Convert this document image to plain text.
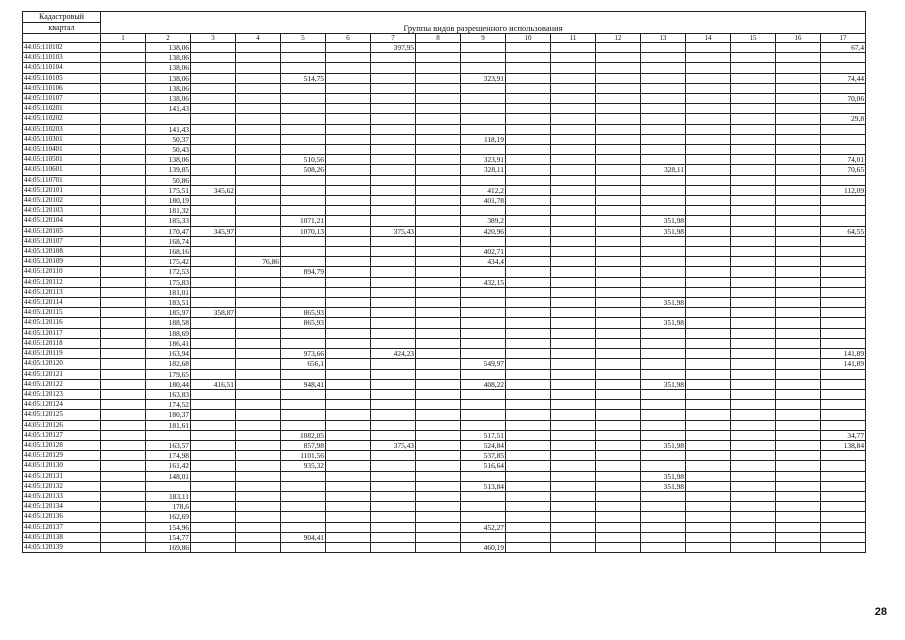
Кадастровый	Группы видов разрешенного использования																
квартал																	
	1	2	3	4	5	6	7	8	9	10	11	12	13	14	15	16	17
44:05:110102		138,06					397,95										67,4
44:05:110103		138,06															
44:05:110104		138,06															
44:05:110105		138,06			514,75				323,91								74,44
44:05:110106		138,06															
44:05:110107		138,06															70,06
44:05:110201		141,43															
44:05:110202																	29,8
44:05:110203		141,43															
44:05:110301		50,37							118,19								
44:05:110401		50,43															
44:05:110501		138,06			510,56				323,91								74,01
44:05:110601		139,85			508,26				328,11				328,11				70,65
44:05:110701		50,86															
44:05:120101		175,51	345,62						412,2								112,09
44:05:120102		180,19							401,78								
44:05:120103		181,32															
44:05:120104		185,33			1071,21				389,2				351,98				
44:05:120105		170,47	345,97		1070,13		375,43		420,96				351,98				64,55
44:05:120107		168,74															
44:05:120108		168,16							402,71								
44:05:120109		175,42		76,86					434,4								
44:05:120110		172,53			894,79												
44:05:120112		175,83							432,15								
44:05:120113		181,01															
44:05:120114		183,51											351,98				
44:05:120115		185,97	358,87		865,93												
44:05:120116		188,58			865,93								351,98				
44:05:120117		188,69															
44:05:120118		186,41															
44:05:120119		163,94			973,66		424,23										141,89
44:05:120120		182,68			656,1				549,97								141,89
44:05:120121		179,65															
44:05:120122		180,44	416,51		948,41				408,22				351,98				
44:05:120123		163,83															
44:05:120124		174,52															
44:05:120125		180,37															
44:05:120126		181,61															
44:05:120127					1082,05				517,51								34,77
44:05:120128		163,57			857,98		375,43		524,84				351,98				138,84
44:05:120129		174,98			1101,56				537,85								
44:05:120130		161,42			935,32				516,64								
44:05:120131		148,01											351,98				
44:05:120132									513,84				351,98				
44:05:120133		183,11															
44:05:120134		178,6															
44:05:120136		162,69															
44:05:120137		154,96							452,27								
44:05:120138		154,77			904,41												
44:05:120139		169,86							460,19								
28
